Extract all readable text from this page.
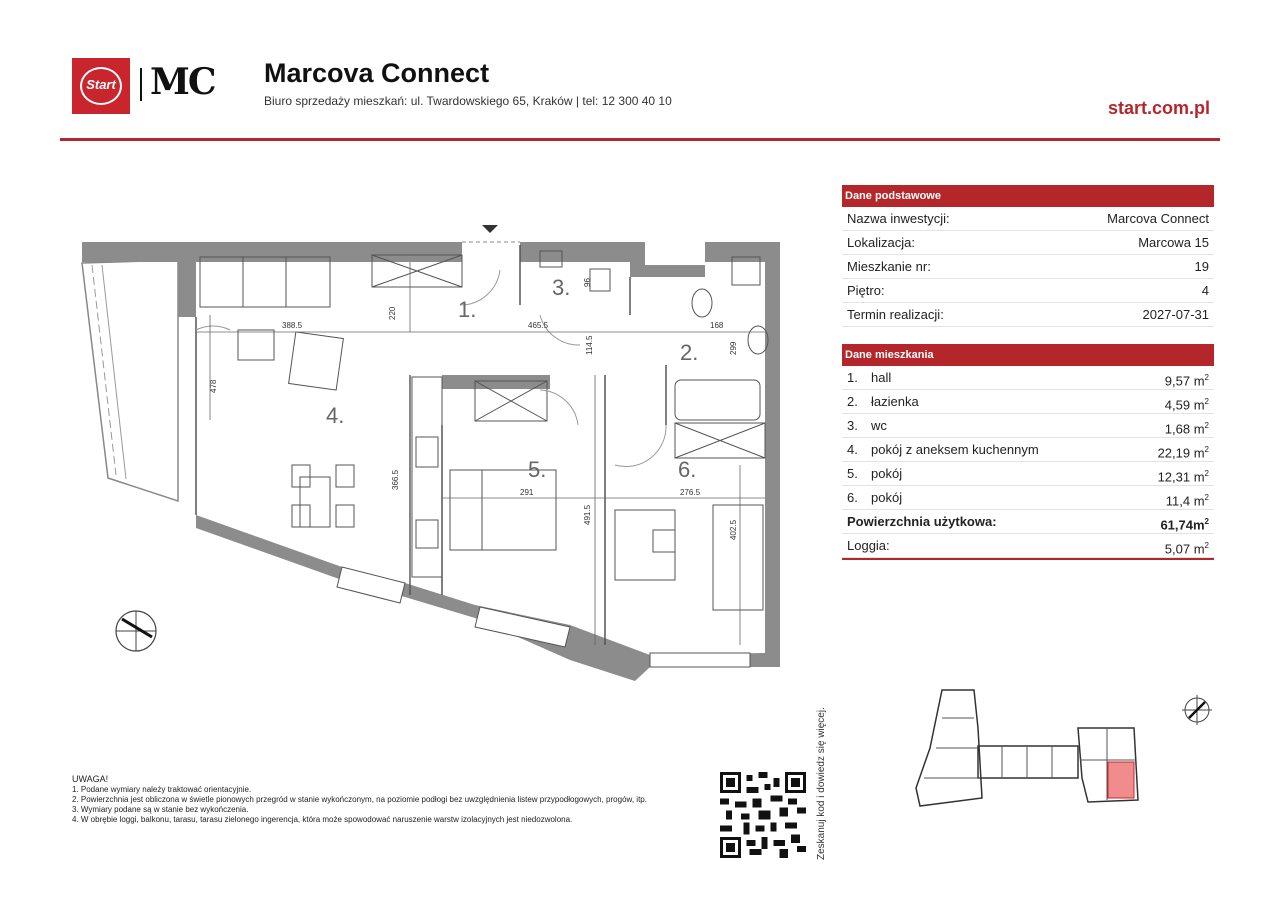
Start MC Marcova Connect
Biuro sprzedaży mieszkań: ul. Twardowskiego 65, Kraków | tel: 12 300 40 10	start.com.pl
Dane podstawowe
Nazwa inwestycji:	Marcova Connect
Lokalizacja:	Marcowa 15
Mieszkanie nr:	19
Piętro:	4
Termin realizacji:	2027-07-31
Dane mieszkania
1.	hall	9,57 $m^2$
2.	łazienka	4,59 $m^2$
3.	wc	1,68 $m^2$
4.	pokój z aneksem kuchennym	22,19 $m^2$
5.	pokój	12,31 $m^2$
6.	pokój	11,4 $m^2$
Powierzchnia użytkowa:	$61,74m^2$
Loggia:	5,07 $m^2$
1.
2.
3.
4.
5.	6.
388.5
220
465.5	168
96
114.5	299
478
366.5
291
491.5
276.5
402.5
UWAGA!
1. Podane wymiary należy traktować orientacyjnie.
2. Powierzchnia jest obliczona w świetle pionowych przegród w stanie wykończonym, na poziomie podłogi bez uwzględnienia listew przypodłogowych, progów, itp.
3. Wymiary podane są w stanie bez wykończenia.
4. W obrębie loggi, balkonu, tarasu, tarasu zielonego ingerencja, która może spowodować naruszenie warstw izolacyjnych jest niedozwolona.	Zeskanuj kod i dowiedz się więcej.
